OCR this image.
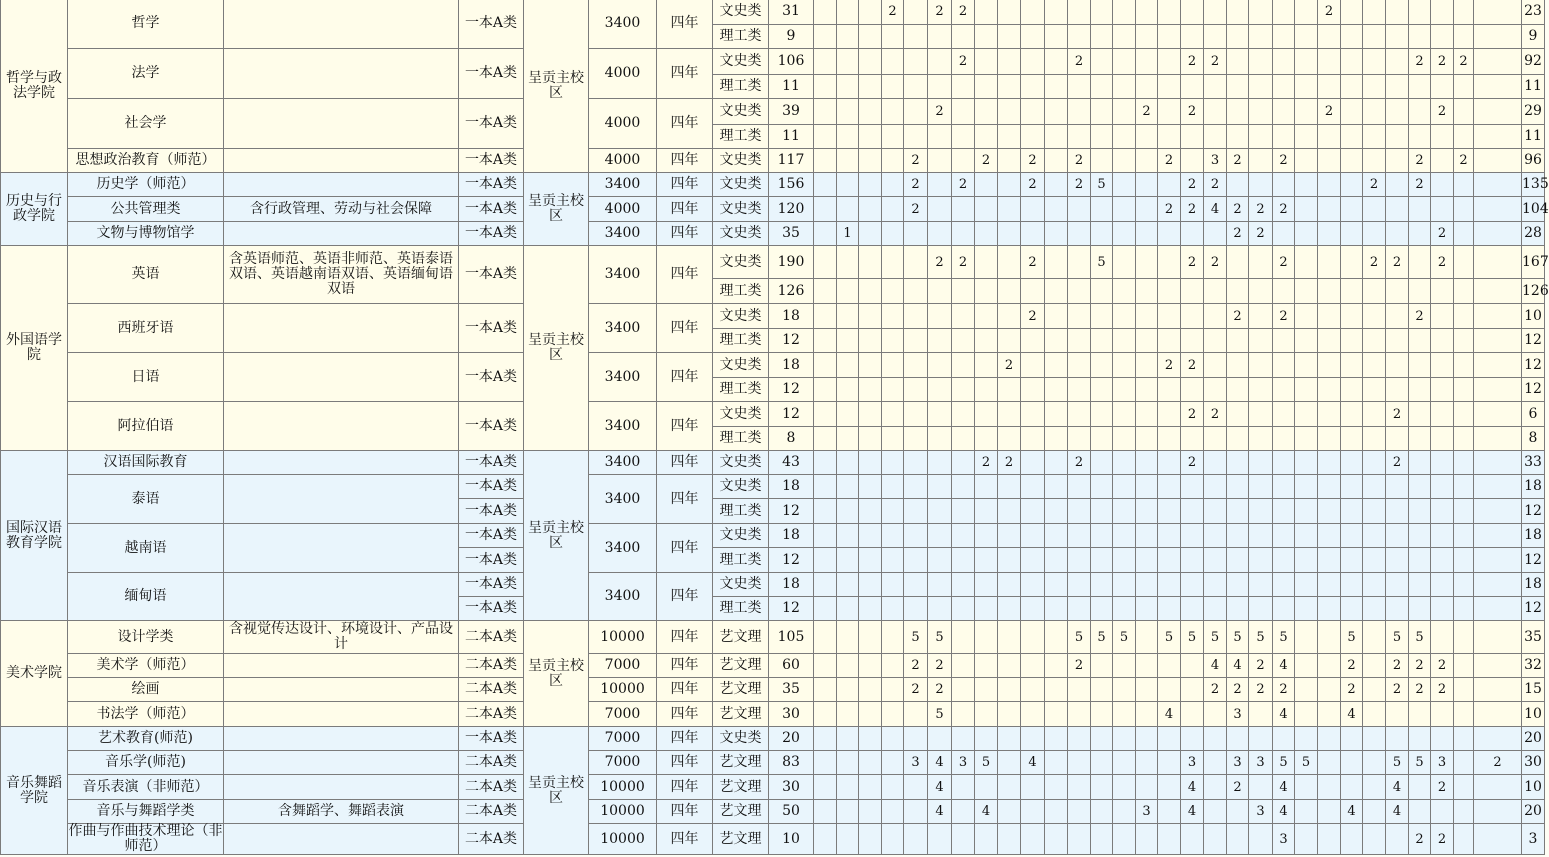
哲学与政法学院	哲学		一本A类	呈贡主校区	3400	四年	文史类	31				2		2	2																2								23
							理工类	9																															9
	法学		一本A类		4000	四年	文史类	106							2					2					2	2									2	2	2		92
							理工类	11																															11
	社会学		一本A类		4000	四年	文史类	39						2									2		2						2					2			29
							理工类	11																															11
	思想政治教育（师范）		一本A类		4000	四年	文史类	117					2			2		2		2				2		3	2		2						2		2		96
历史与行政学院	历史学（师范）		一本A类	呈贡主校区	3400	四年	文史类	156					2		2			2		2	5				2	2							2		2				135
	公共管理类	含行政管理、劳动与社会保障	一本A类		4000	四年	文史类	120					2											2	2	4	2	2	2										104
	文物与博物馆学		一本A类		3400	四年	文史类	35		1																	2	2								2			28
外国语学院	英语	含英语师范、英语非师范、英语泰语双语、英语越南语双语、英语缅甸语双语	一本A类	呈贡主校区	3400	四年	文史类	190						2	2			2			5				2	2			2				2	2		2			167
							理工类	126																															126
	西班牙语		一本A类		3400	四年	文史类	18										2									2		2						2				10
							理工类	12																															12
	日语		一本A类		3400	四年	文史类	18									2							2	2														12
							理工类	12																															12
	阿拉伯语		一本A类		3400	四年	文史类	12																	2	2								2					6
							理工类	8																															8
国际汉语教育学院	汉语国际教育		一本A类	呈贡主校区	3400	四年	文史类	43								2	2			2					2									2					33
	泰语		一本A类		3400	四年	文史类	18																															18
			一本A类				理工类	12																															12
	越南语		一本A类		3400	四年	文史类	18																															18
			一本A类				理工类	12																															12
	缅甸语		一本A类		3400	四年	文史类	18																															18
			一本A类				理工类	12																															12
美术学院	设计学类	含视觉传达设计、环境设计、产品设计	二本A类	呈贡主校区	10000	四年	艺文理	105					5	5						5	5	5		5	5	5	5	5	5			5		5	5				35
	美术学（师范）		二本A类		7000	四年	艺文理	60					2	2						2						4	4	2	4			2		2	2	2			32
	绘画		二本A类		10000	四年	艺文理	35					2	2												2	2	2	2			2		2	2	2			15
	书法学（师范）		二本A类		7000	四年	艺文理	30						5										4			3		4			4							10
音乐舞蹈学院	艺术教育(师范)		一本A类	呈贡主校区	7000	四年	文史类	20																															20
	音乐学(师范)		二本A类		7000	四年	艺文理	83					3	4	3	5		4							3		3	3	5	5				5	5	3		2	30
	音乐表演（非师范）		二本A类		10000	四年	艺文理	30						4											4		2		4					4		2			10
	音乐与舞蹈学类	含舞蹈学、舞蹈表演	二本A类		10000	四年	艺文理	50						4		4							3		4			3	4			4		4					20
	作曲与作曲技术理论（非师范）		二本A类		10000	四年	艺文理	10																					3						2	2			3
